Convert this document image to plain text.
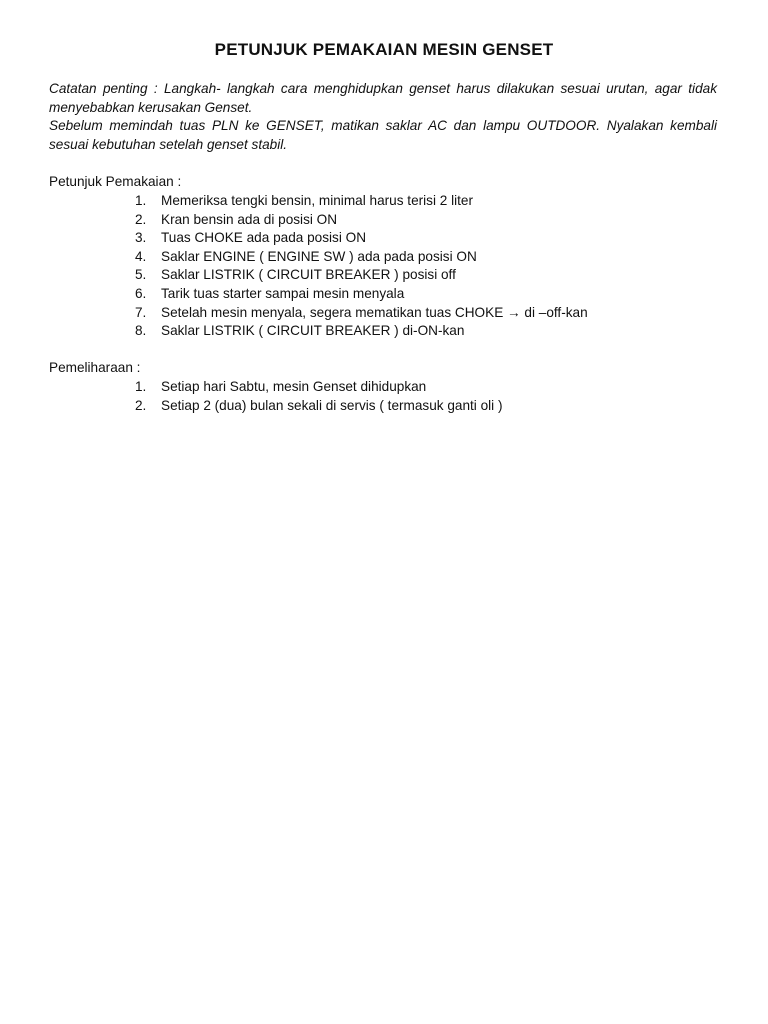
PETUNJUK PEMAKAIAN MESIN GENSET

Catatan penting : Langkah- langkah cara menghidupkan genset harus dilakukan sesuai urutan, agar tidak menyebabkan kerusakan Genset.

Sebelum memindah tuas PLN ke GENSET, matikan saklar AC dan lampu OUTDOOR. Nyalakan kembali sesuai kebutuhan setelah genset stabil.

Petunjuk Pemakaian :
1. Memeriksa tengki bensin, minimal harus terisi 2 liter
2. Kran bensin ada di posisi ON
3. Tuas CHOKE ada pada posisi ON
4. Saklar ENGINE ( ENGINE SW ) ada pada posisi ON
5. Saklar LISTRIK ( CIRCUIT BREAKER ) posisi off
6. Tarik tuas starter sampai mesin menyala
7. Setelah mesin menyala, segera mematikan tuas CHOKE → di –off-kan
8. Saklar LISTRIK ( CIRCUIT BREAKER ) di-ON-kan
Pemeliharaan :
1. Setiap hari Sabtu, mesin Genset dihidupkan
2. Setiap 2 (dua) bulan sekali di servis ( termasuk ganti oli )
